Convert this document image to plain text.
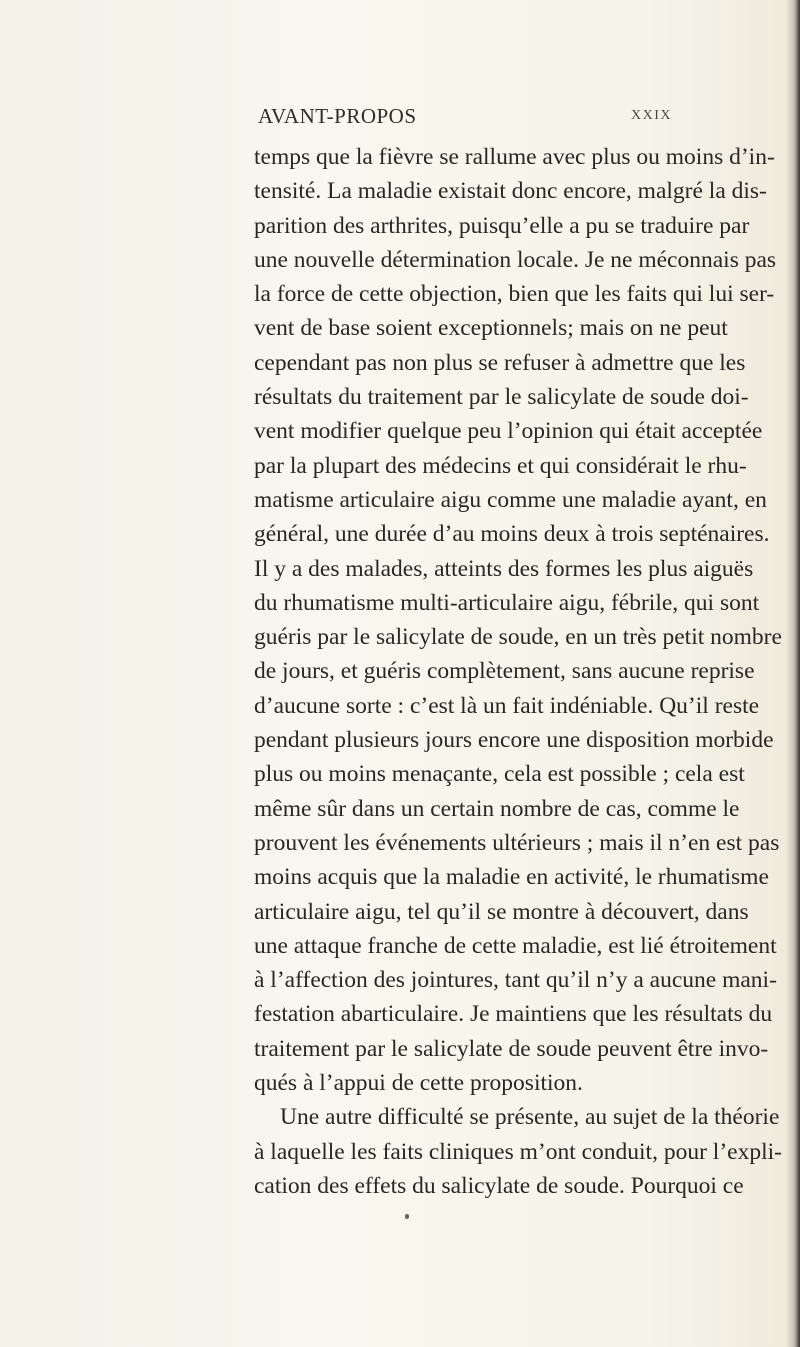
AVANT-PROPOS	XXIX
temps que la fièvre se rallume avec plus ou moins d’in-
tensité. La maladie existait donc encore, malgré la dis-
parition des arthrites, puisqu’elle a pu se traduire par
une nouvelle détermination locale. Je ne méconnais pas
la force de cette objection, bien que les faits qui lui ser-
vent de base soient exceptionnels; mais on ne peut
cependant pas non plus se refuser à admettre que les
résultats du traitement par le salicylate de soude doi-
vent modifier quelque peu l’opinion qui était acceptée
par la plupart des médecins et qui considérait le rhu-
matisme articulaire aigu comme une maladie ayant, en
général, une durée d’au moins deux à trois septénaires.
Il y a des malades, atteints des formes les plus aiguës
du rhumatisme multi-articulaire aigu, fébrile, qui sont
guéris par le salicylate de soude, en un très petit nombre
de jours, et guéris complètement, sans aucune reprise
d’aucune sorte : c’est là un fait indéniable. Qu’il reste
pendant plusieurs jours encore une disposition morbide
plus ou moins menaçante, cela est possible ; cela est
même sûr dans un certain nombre de cas, comme le
prouvent les événements ultérieurs ; mais il n’en est pas
moins acquis que la maladie en activité, le rhumatisme
articulaire aigu, tel qu’il se montre à découvert, dans
une attaque franche de cette maladie, est lié étroitement
à l’affection des jointures, tant qu’il n’y a aucune mani-
festation abarticulaire. Je maintiens que les résultats du
traitement par le salicylate de soude peuvent être invo-
qués à l’appui de cette proposition.
Une autre difficulté se présente, au sujet de la théorie
à laquelle les faits cliniques m’ont conduit, pour l’expli-
cation des effets du salicylate de soude. Pourquoi ce
